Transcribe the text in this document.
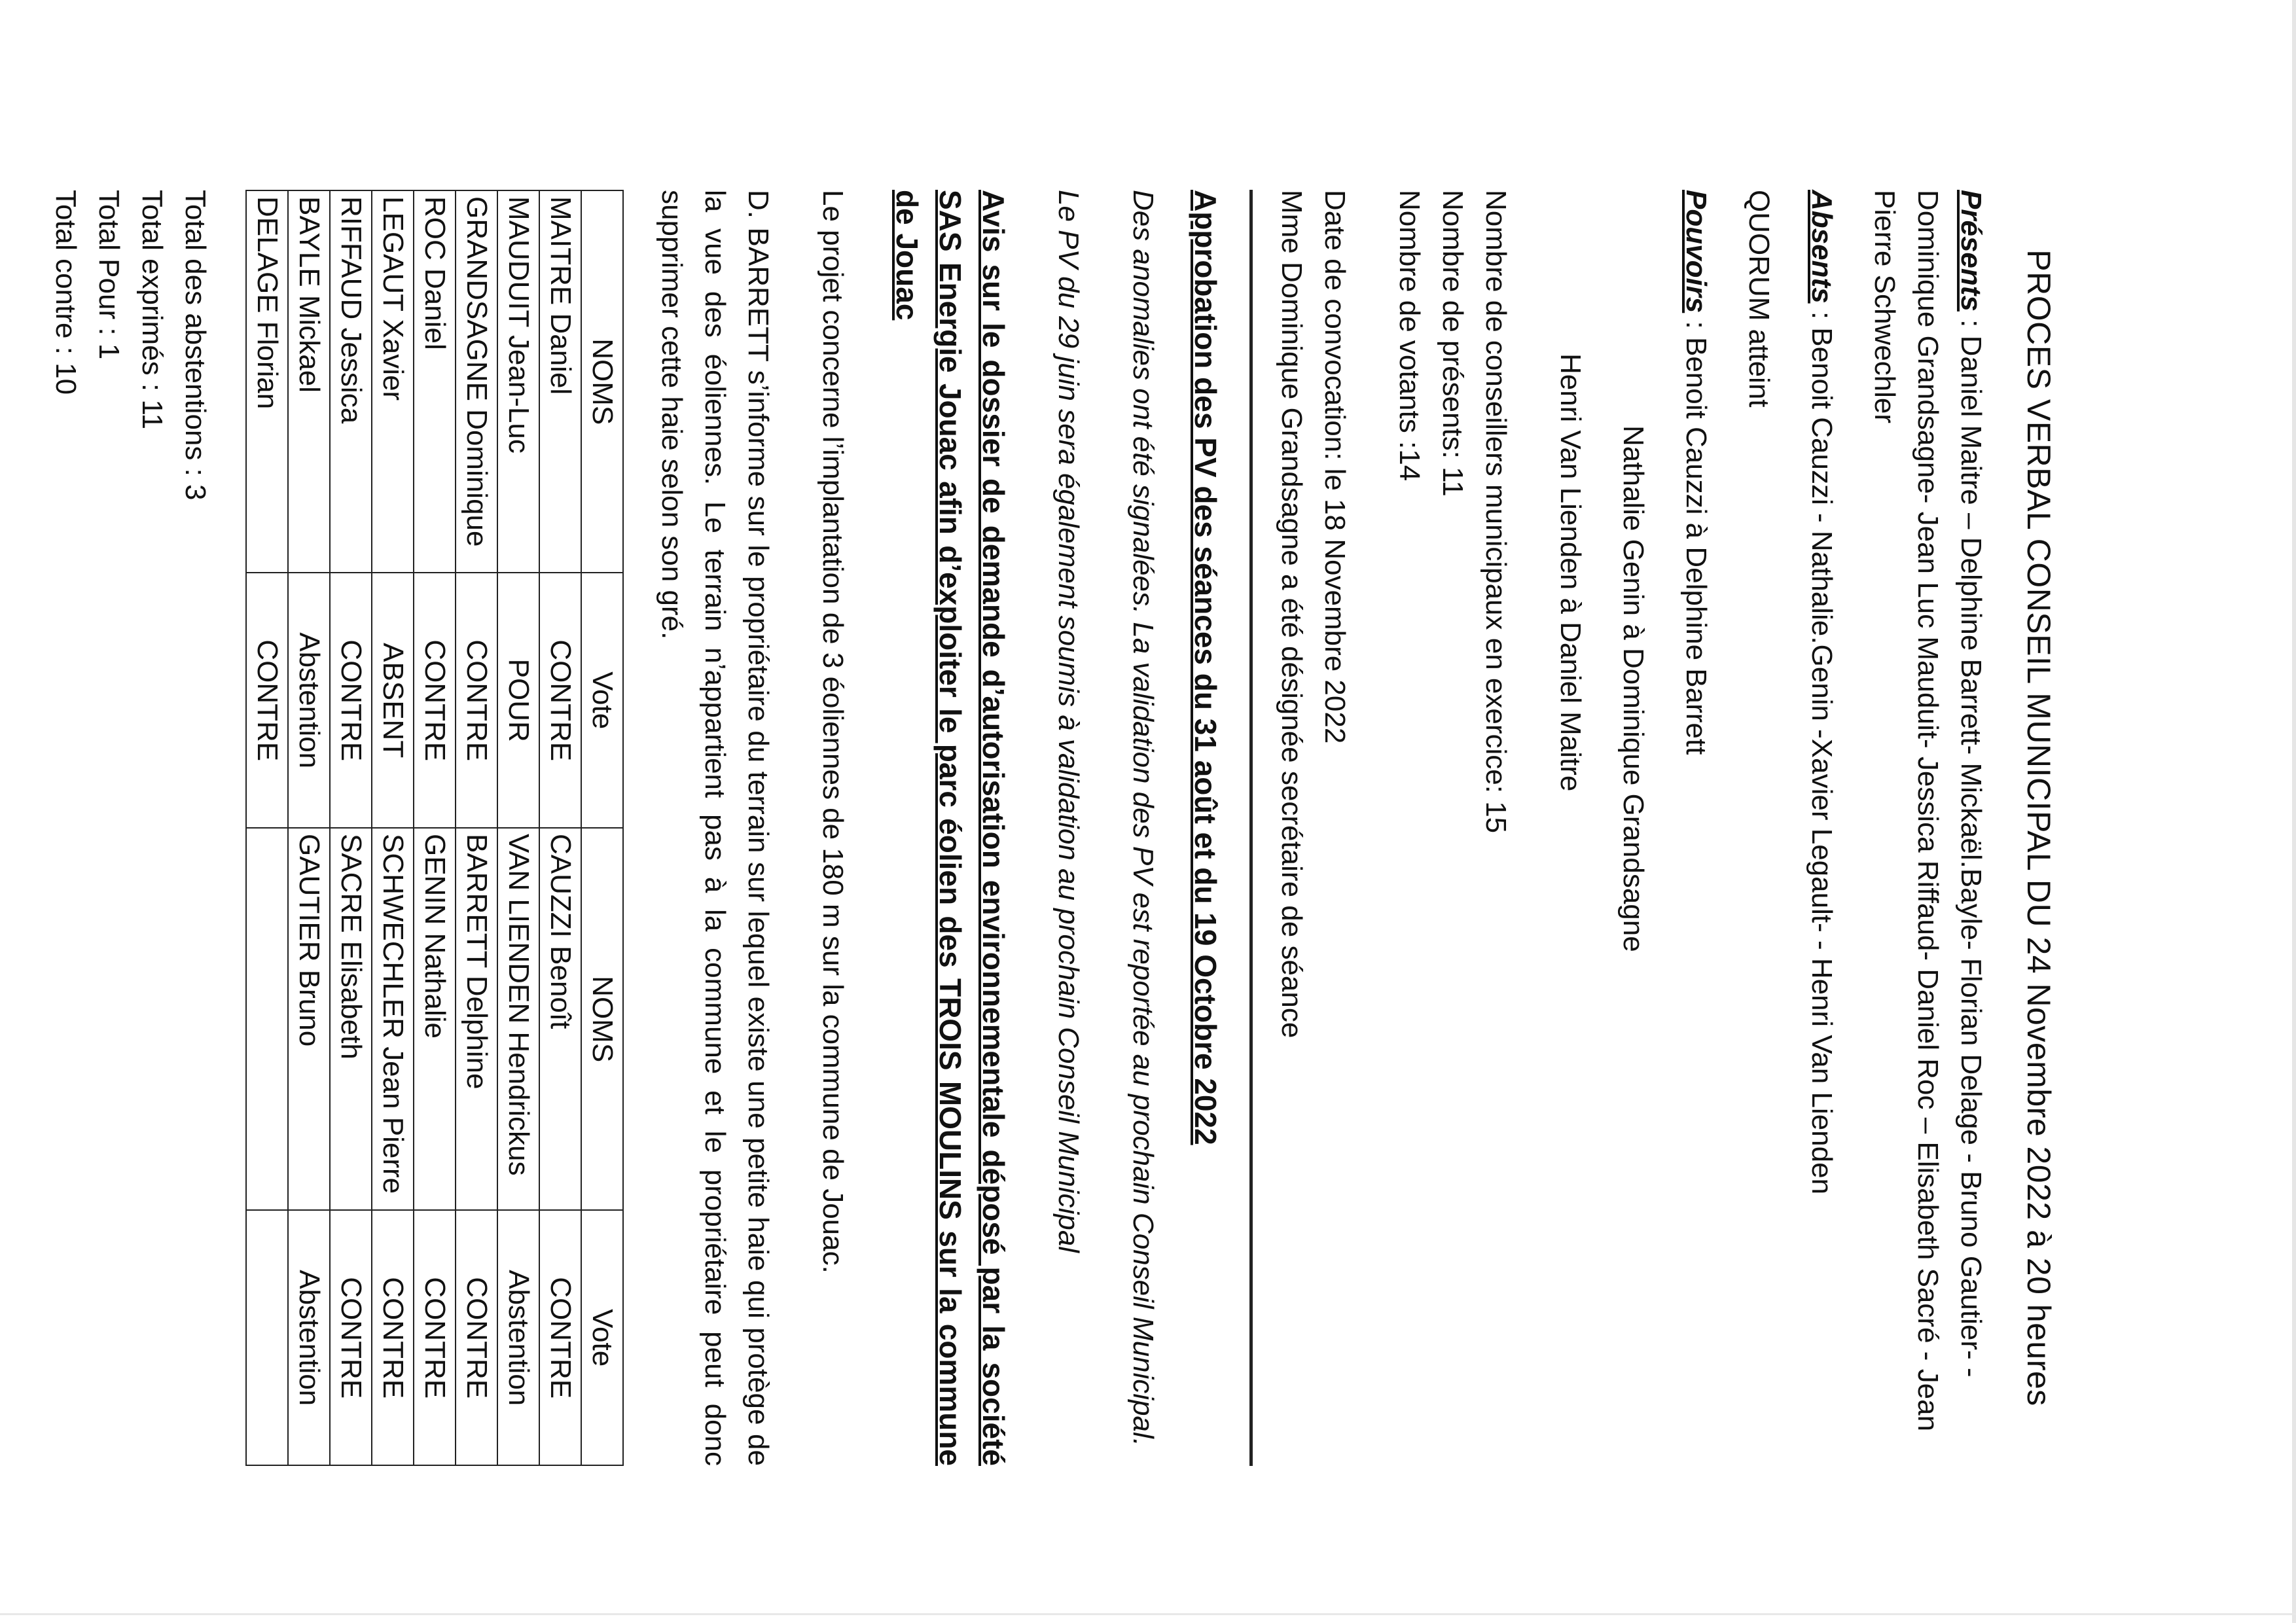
PROCES VERBAL CONSEIL MUNICIPAL DU 24 Novembre 2022 à 20 heures

Présents : Daniel Maitre – Delphine Barrett- Mickaël.Bayle- Florian Delage - Bruno Gautier- - Dominique Grandsagne- Jean Luc Mauduit- Jessica Riffaud- Daniel Roc – Elisabeth Sacré - Jean Pierre Schwechler

Absents : Benoit Cauzzi - Nathalie.Genin -Xavier Legault- - Henri Van Lienden

QUORUM atteint

Pouvoirs : Benoit Cauzzi à Delphine Barrett

Nathalie Genin à Dominique Grandsagne

Henri Van Lienden à Daniel Maitre

Nombre de conseillers municipaux en exercice: 15

Nombre de présents: 11

Nombre de votants :14

Date de convocation: le 18 Novembre 2022

Mme Dominique Grandsagne a été désignée secrétaire de séance

Approbation des PV des séances du 31 août et du 19 Octobre 2022

Des anomalies ont été signalées. La validation des PV est reportée au prochain Conseil Municipal.

Le PV du 29 juin sera également soumis à validation au prochain Conseil Municipal

Avis sur le dossier de demande d’autorisation environnementale déposé par la société SAS Energie Jouac afin d’exploiter le parc éolien des TROIS MOULINS sur la commune de Jouac

Le projet concerne l’implantation de 3 éoliennes de 180 m sur la commune de Jouac.

D. BARRETT s’informe sur le propriétaire du terrain sur lequel existe une petite haie qui protège de la vue des éoliennes. Le terrain n’appartient pas à la commune et le propriétaire peut donc supprimer cette haie selon son gré.

NOMS	Vote	NOMS	Vote
MAITRE Daniel	CONTRE	CAUZZI Benoît	CONTRE
MAUDUIT Jean-Luc	POUR	VAN LIENDEN Hendrickus	Abstention
GRANDSAGNE Dominique	CONTRE	BARRETT Delphine	CONTRE
ROC Daniel	CONTRE	GENIN Nathalie	CONTRE
LEGAUT Xavier	ABSENT	SCHWECHLER Jean Pierre	CONTRE
RIFFAUD Jessica	CONTRE	SACRE Elisabeth	CONTRE
BAYLE Mickael	Abstention	GAUTIER Bruno	Abstention
DELAGE Florian	CONTRE		

Total des abstentions : 3

Total exprimés : 11

Total Pour : 1

Total contre : 10
